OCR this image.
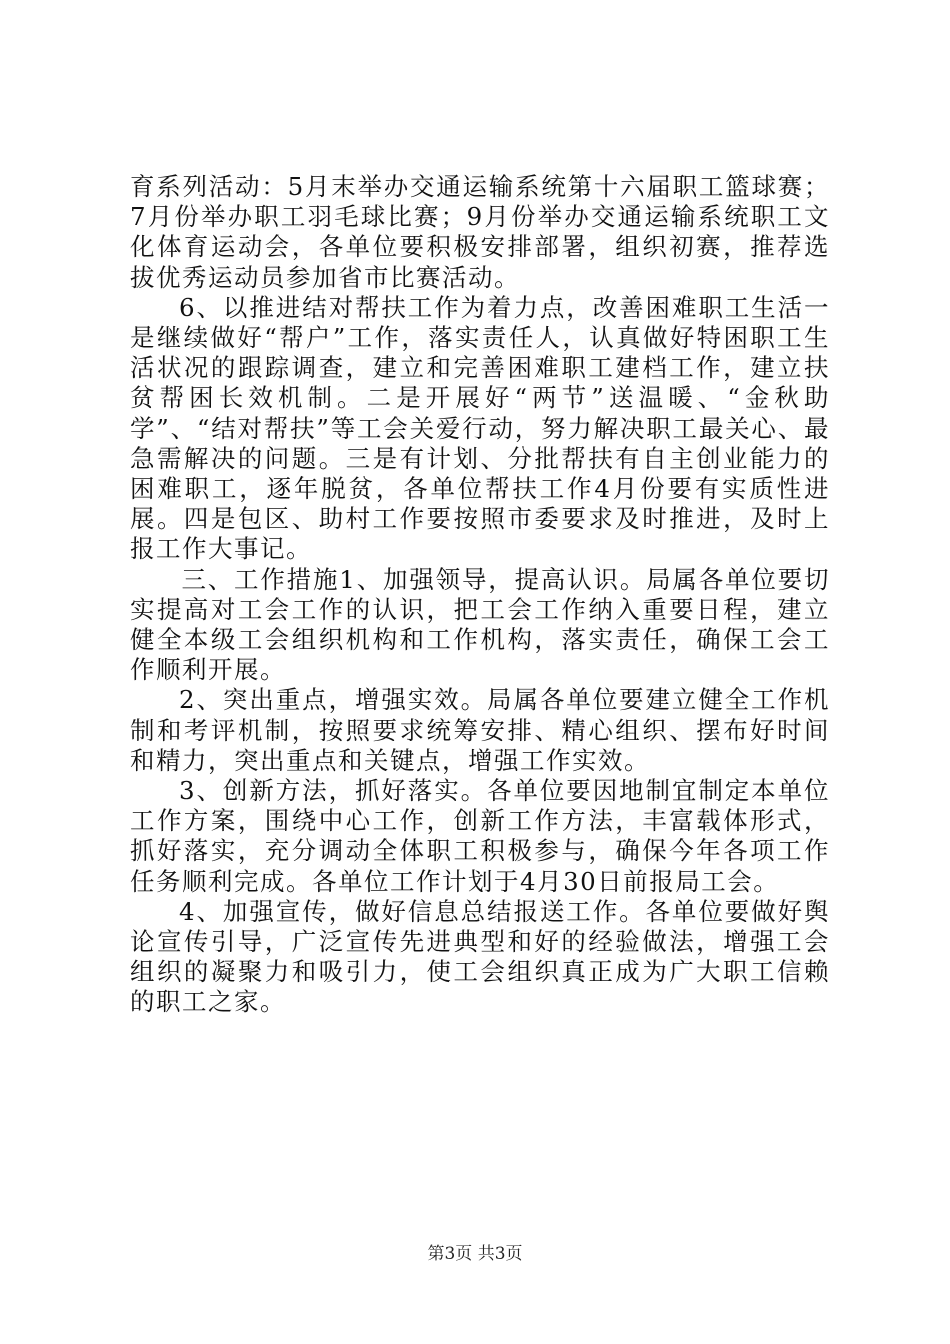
育系列活动：5月末举办交通运输系统第十六届职工篮球赛；7月份举办职工羽毛球比赛；9月份举办交通运输系统职工文化体育运动会，各单位要积极安排部署，组织初赛，推荐选拔优秀运动员参加省市比赛活动。

6、以推进结对帮扶工作为着力点，改善困难职工生活一是继续做好“帮户”工作，落实责任人，认真做好特困职工生活状况的跟踪调查，建立和完善困难职工建档工作，建立扶贫帮困长效机制。二是开展好“两节”送温暖、“金秋助学”、“结对帮扶”等工会关爱行动，努力解决职工最关心、最急需解决的问题。三是有计划、分批帮扶有自主创业能力的困难职工，逐年脱贫，各单位帮扶工作4月份要有实质性进展。四是包区、助村工作要按照市委要求及时推进，及时上报工作大事记。

三、工作措施1、加强领导，提高认识。局属各单位要切实提高对工会工作的认识，把工会工作纳入重要日程，建立健全本级工会组织机构和工作机构，落实责任，确保工会工作顺利开展。

2、突出重点，增强实效。局属各单位要建立健全工作机制和考评机制，按照要求统筹安排、精心组织、摆布好时间和精力，突出重点和关键点，增强工作实效。

3、创新方法，抓好落实。各单位要因地制宜制定本单位工作方案，围绕中心工作，创新工作方法，丰富载体形式，抓好落实，充分调动全体职工积极参与，确保今年各项工作任务顺利完成。各单位工作计划于4月30日前报局工会。

4、加强宣传，做好信息总结报送工作。各单位要做好舆论宣传引导，广泛宣传先进典型和好的经验做法，增强工会组织的凝聚力和吸引力，使工会组织真正成为广大职工信赖的职工之家。

第3页 共3页
